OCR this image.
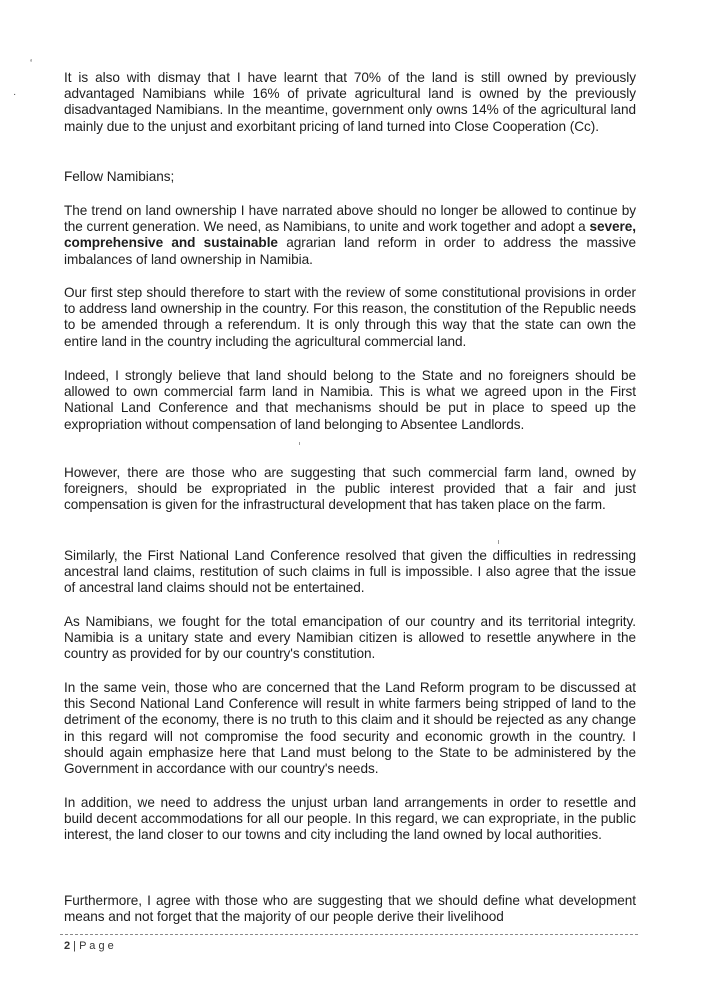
‘
·

It is also with dismay that I have learnt that 70% of the land is still owned by previously advantaged Namibians while 16% of private agricultural land is owned by the previously disadvantaged Namibians. In the meantime, government only owns 14% of the agricultural land mainly due to the unjust and exorbitant pricing of land turned into Close Cooperation (Cc).

Fellow Namibians;

The trend on land ownership I have narrated above should no longer be allowed to continue by the current generation. We need, as Namibians, to unite and work together and adopt a severe, comprehensive and sustainable agrarian land reform in order to address the massive imbalances of land ownership in Namibia.

Our first step should therefore to start with the review of some constitutional provisions in order to address land ownership in the country. For this reason, the constitution of the Republic needs to be amended through a referendum. It is only through this way that the state can own the entire land in the country including the agricultural commercial land.

Indeed, I strongly believe that land should belong to the State and no foreigners should be allowed to own commercial farm land in Namibia. This is what we agreed upon in the First National Land Conference and that mechanisms should be put in place to speed up the expropriation without compensation of land belonging to Absentee Landlords.

However, there are those who are suggesting that such commercial farm land, owned by foreigners, should be expropriated in the public interest provided that a fair and just compensation is given for the infrastructural development that has taken place on the farm.

Similarly, the First National Land Conference resolved that given the difficulties in redressing ancestral land claims, restitution of such claims in full is impossible. I also agree that the issue of ancestral land claims should not be entertained.

As Namibians, we fought for the total emancipation of our country and its territorial integrity. Namibia is a unitary state and every Namibian citizen is allowed to resettle anywhere in the country as provided for by our country's constitution.

In the same vein, those who are concerned that the Land Reform program to be discussed at this Second National Land Conference will result in white farmers being stripped of land to the detriment of the economy, there is no truth to this claim and it should be rejected as any change in this regard will not compromise the food security and economic growth in the country. I should again emphasize here that Land must belong to the State to be administered by the Government in accordance with our country's needs.

In addition, we need to address the unjust urban land arrangements in order to resettle and build decent accommodations for all our people. In this regard, we can expropriate, in the public interest, the land closer to our towns and city including the land owned by local authorities.

Furthermore, I agree with those who are suggesting that we should define what development means and not forget that the majority of our people derive their livelihood

2 | P a g e
